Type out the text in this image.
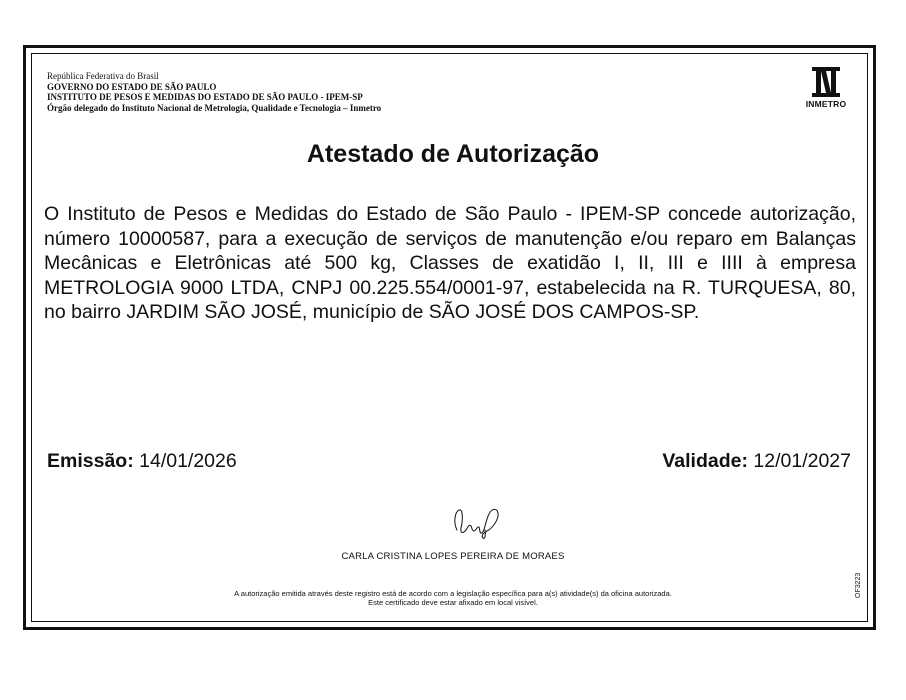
República Federativa do Brasil
GOVERNO DO ESTADO DE SÃO PAULO
INSTITUTO DE PESOS E MEDIDAS DO ESTADO DE SÃO PAULO - IPEM-SP
Órgão delegado do Instituto Nacional de Metrologia, Qualidade e Tecnologia – Inmetro	INMETRO
Atestado de Autorização
O Instituto de Pesos e Medidas do Estado de São Paulo - IPEM-SP concede autorização, número 10000587, para a execução de serviços de manutenção e/ou reparo em Balanças Mecânicas e Eletrônicas até 500 kg, Classes de exatidão I, II, III e IIII à empresa METROLOGIA 9000 LTDA, CNPJ 00.225.554/0001-97, estabelecida na R. TURQUESA, 80, no bairro JARDIM SÃO JOSÉ, município de SÃO JOSÉ DOS CAMPOS-SP.
Emissão: 14/01/2026	Validade: 12/01/2027
CARLA CRISTINA LOPES PEREIRA DE MORAES
A autorização emitida através deste registro está de acordo com a legislação específica para a(s) atividade(s) da oficina autorizada.
Este certificado deve estar afixado em local visível.
OF3223
